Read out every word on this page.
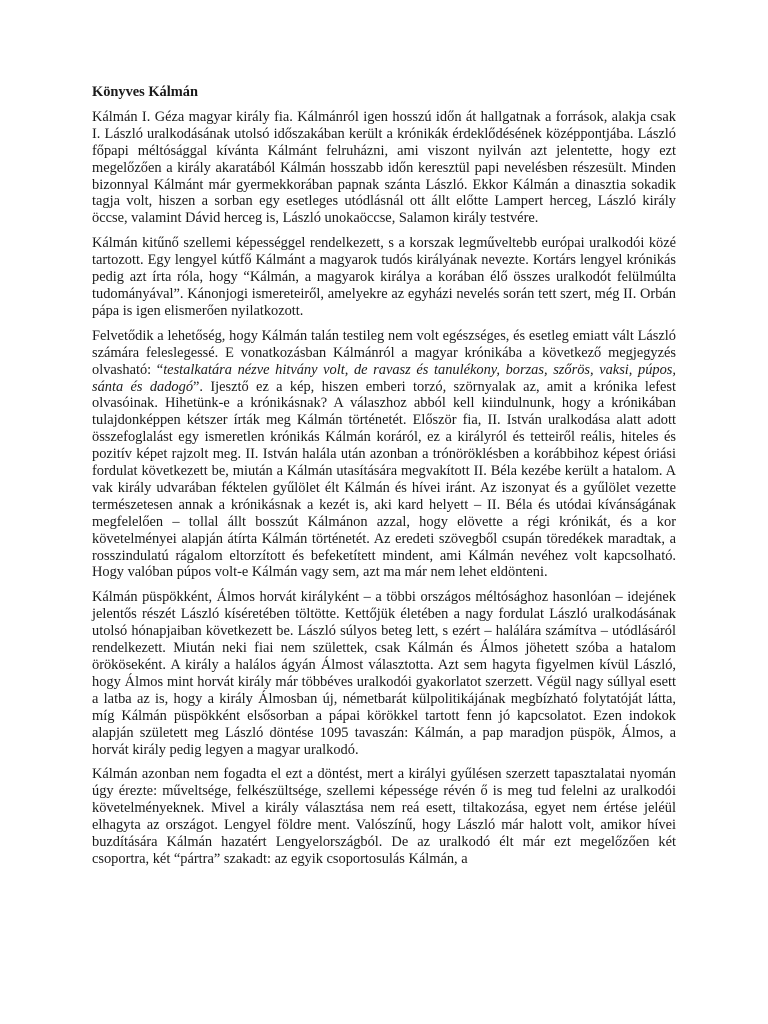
Könyves Kálmán

Kálmán I. Géza magyar király fia. Kálmánról igen hosszú időn át hallgatnak a források, alakja csak I. László uralkodásának utolsó időszakában került a krónikák érdeklődésének középpontjába. László főpapi méltósággal kívánta Kálmánt felruházni, ami viszont nyilván azt jelentette, hogy ezt megelőzően a király akaratából Kálmán hosszabb időn keresztül papi nevelésben részesült. Minden bizonnyal Kálmánt már gyermekkorában papnak szánta László. Ekkor Kálmán a dinasztia sokadik tagja volt, hiszen a sorban egy esetleges utódlásnál ott állt előtte Lampert herceg, László király öccse, valamint Dávid herceg is, László unokaöccse, Salamon király testvére.

Kálmán kitűnő szellemi képességgel rendelkezett, s a korszak legműveltebb európai uralkodói közé tartozott. Egy lengyel kútfő Kálmánt a magyarok tudós királyának nevezte. Kortárs lengyel krónikás pedig azt írta róla, hogy “Kálmán, a magyarok királya a korában élő összes uralkodót felülmúlta tudományával”. Kánonjogi ismereteiről, amelyekre az egyházi nevelés során tett szert, még II. Orbán pápa is igen elismerően nyilatkozott.

Felvetődik a lehetőség, hogy Kálmán talán testileg nem volt egészséges, és esetleg emiatt vált László számára feleslegessé. E vonatkozásban Kálmánról a magyar krónikába a következő megjegyzés olvasható: “testalkatára nézve hitvány volt, de ravasz és tanulékony, borzas, szőrös, vaksi, púpos, sánta és dadogó”. Ijesztő ez a kép, hiszen emberi torzó, szörnyalak az, amit a krónika lefest olvasóinak. Hihetünk-e a krónikásnak? A válaszhoz abból kell kiindulnunk, hogy a krónikában tulajdonképpen kétszer írták meg Kálmán történetét. Először fia, II. István uralkodása alatt adott összefoglalást egy ismeretlen krónikás Kálmán koráról, ez a királyról és tetteiről reális, hiteles és pozitív képet rajzolt meg. II. István halála után azonban a trónöröklésben a korábbihoz képest óriási fordulat következett be, miután a Kálmán utasítására megvakított II. Béla kezébe került a hatalom. A vak király udvarában féktelen gyűlölet élt Kálmán és hívei iránt. Az iszonyat és a gyűlölet vezette természetesen annak a krónikásnak a kezét is, aki kard helyett – II. Béla és utódai kívánságának megfelelően – tollal állt bosszút Kálmánon azzal, hogy elövette a régi krónikát, és a kor követelményei alapján átírta Kálmán történetét. Az eredeti szövegből csupán töredékek maradtak, a rosszindulatú rágalom eltorzított és befeketített mindent, ami Kálmán nevéhez volt kapcsolható. Hogy valóban púpos volt-e Kálmán vagy sem, azt ma már nem lehet eldönteni.

Kálmán püspökként, Álmos horvát királyként – a többi országos méltósághoz hasonlóan – idejének jelentős részét László kíséretében töltötte. Kettőjük életében a nagy fordulat László uralkodásának utolsó hónapjaiban következett be. László súlyos beteg lett, s ezért – halálára számítva – utódlásáról rendelkezett. Miután neki fiai nem születtek, csak Kálmán és Álmos jöhetett szóba a hatalom örököseként. A király a halálos ágyán Álmost választotta. Azt sem hagyta figyelmen kívül László, hogy Álmos mint horvát király már többéves uralkodói gyakorlatot szerzett. Végül nagy súllyal esett a latba az is, hogy a király Álmosban új, németbarát külpolitikájának megbízható folytatóját látta, míg Kálmán püspökként elsősorban a pápai körökkel tartott fenn jó kapcsolatot. Ezen indokok alapján született meg László döntése 1095 tavaszán: Kálmán, a pap maradjon püspök, Álmos, a horvát király pedig legyen a magyar uralkodó.

Kálmán azonban nem fogadta el ezt a döntést, mert a királyi gyűlésen szerzett tapasztalatai nyomán úgy érezte: műveltsége, felkészültsége, szellemi képessége révén ő is meg tud felelni az uralkodói követelményeknek. Mivel a király választása nem reá esett, tiltakozása, egyet nem értése jeléül elhagyta az országot. Lengyel földre ment. Valószínű, hogy László már halott volt, amikor hívei buzdítására Kálmán hazatért Lengyelországból. De az uralkodó élt már ezt megelőzően két csoportra, két “pártra” szakadt: az egyik csoportosulás Kálmán, a
